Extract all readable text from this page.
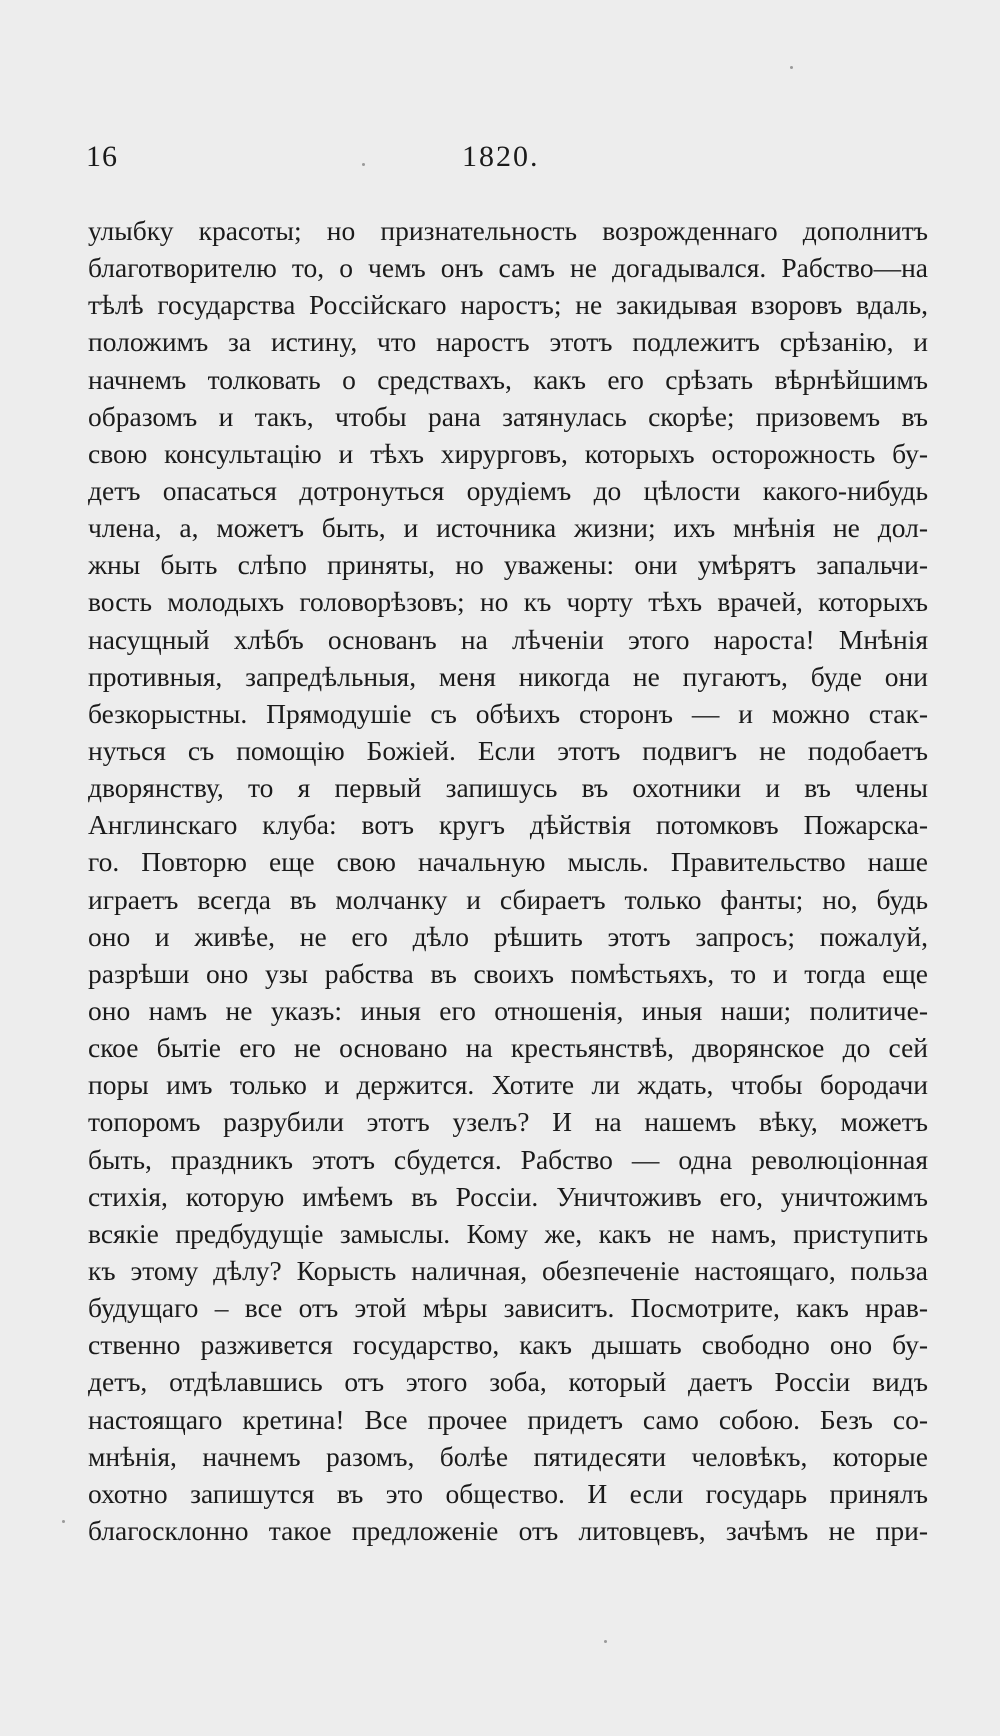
16	1820.
улыбку красоты; но признательность возрожденнаго дополнитъ
благотворителю то, о чемъ онъ самъ не догадывался. Рабство—на
тѣлѣ государства Россійскаго наростъ; не закидывая взоровъ вдаль,
положимъ за истину, что наростъ этотъ подлежитъ срѣзанію, и
начнемъ толковать о средствахъ, какъ его срѣзать вѣрнѣйшимъ
образомъ и такъ, чтобы рана затянулась скорѣе; призовемъ въ
свою консультацію и тѣхъ хирурговъ, которыхъ осторожность бу-
детъ опасаться дотронуться орудіемъ до цѣлости какого-нибудь
члена, а, можетъ быть, и источника жизни; ихъ мнѣнія не дол-
жны быть слѣпо приняты, но уважены: они умѣрятъ запальчи-
вость молодыхъ головорѣзовъ; но къ чорту тѣхъ врачей, которыхъ
насущный хлѣбъ основанъ на лѣченіи этого нароста! Мнѣнія
противныя, запредѣльныя, меня никогда не пугаютъ, буде они
безкорыстны. Прямодушіе съ обѣихъ сторонъ — и можно стак-
нуться съ помощію Божіей. Если этотъ подвигъ не подобаетъ
дворянству, то я первый запишусь въ охотники и въ члены
Англинскаго клуба: вотъ кругъ дѣйствія потомковъ Пожарска-
го. Повторю еще свою начальную мысль. Правительство наше
играетъ всегда въ молчанку и сбираетъ только фанты; но, будь
оно и живѣе, не его дѣло рѣшить этотъ запросъ; пожалуй,
разрѣши оно узы рабства въ своихъ помѣстьяхъ, то и тогда еще
оно намъ не указъ: иныя его отношенія, иныя наши; политиче-
ское бытіе его не основано на крестьянствѣ, дворянское до сей
поры имъ только и держится. Хотите ли ждать, чтобы бородачи
топоромъ разрубили этотъ узелъ? И на нашемъ вѣку, можетъ
быть, праздникъ этотъ сбудется. Рабство — одна революціонная
стихія, которую имѣемъ въ Россіи. Уничтоживъ его, уничтожимъ
всякіе предбудущіе замыслы. Кому же, какъ не намъ, приступить
къ этому дѣлу? Корысть наличная, обезпеченіе настоящаго, польза
будущаго – все отъ этой мѣры зависитъ. Посмотрите, какъ нрав-
ственно разживется государство, какъ дышать свободно оно бу-
детъ, отдѣлавшись отъ этого зоба, который даетъ Россіи видъ
настоящаго кретина! Все прочее придетъ само собою. Безъ со-
мнѣнія, начнемъ разомъ, болѣе пятидесяти человѣкъ, которые
охотно запишутся въ это общество. И если государь принялъ
благосклонно такое предложеніе отъ литовцевъ, зачѣмъ не при-
